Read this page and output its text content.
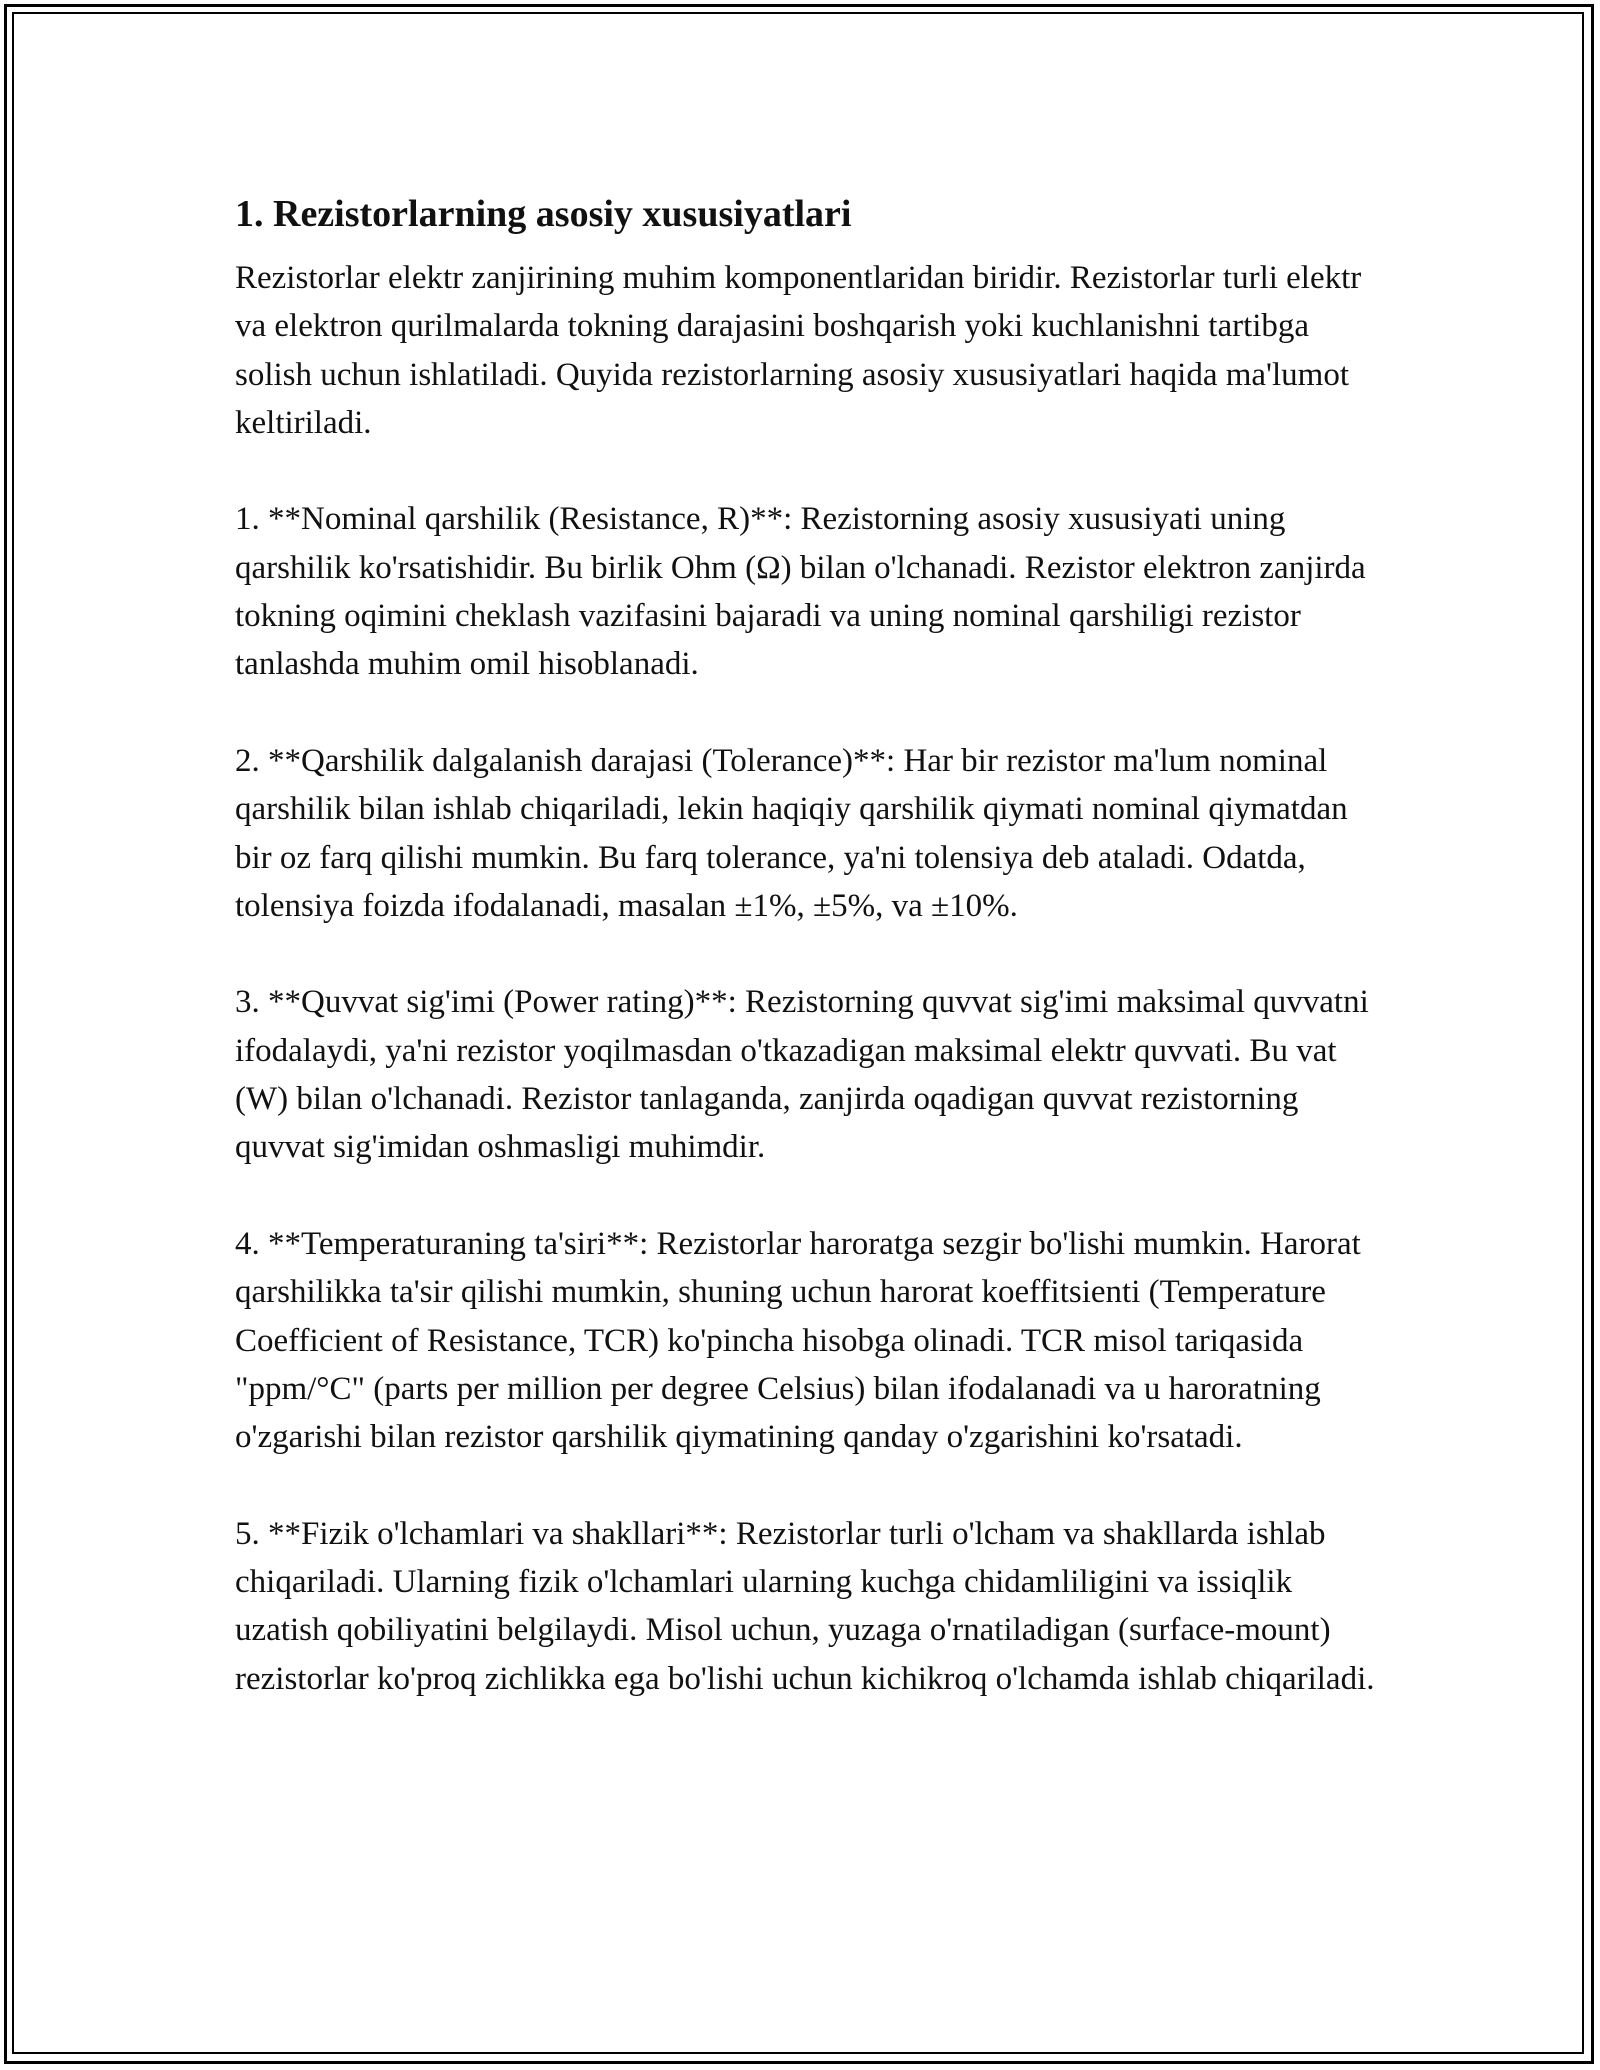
1. Rezistorlarning asosiy xususiyatlari

Rezistorlar elektr zanjirining muhim komponentlaridan biridir. Rezistorlar turli elektr va elektron qurilmalarda tokning darajasini boshqarish yoki kuchlanishni tartibga solish uchun ishlatiladi. Quyida rezistorlarning asosiy xususiyatlari haqida ma'lumot keltiriladi.

1. **Nominal qarshilik (Resistance, R)**: Rezistorning asosiy xususiyati uning qarshilik ko'rsatishidir. Bu birlik Ohm (Ω) bilan o'lchanadi. Rezistor elektron zanjirda tokning oqimini cheklash vazifasini bajaradi va uning nominal qarshiligi rezistor tanlashda muhim omil hisoblanadi.

2. **Qarshilik dalgalanish darajasi (Tolerance)**: Har bir rezistor ma'lum nominal qarshilik bilan ishlab chiqariladi, lekin haqiqiy qarshilik qiymati nominal qiymatdan bir oz farq qilishi mumkin. Bu farq tolerance, ya'ni tolensiya deb ataladi. Odatda, tolensiya foizda ifodalanadi, masalan ±1%, ±5%, va ±10%.

3. **Quvvat sig'imi (Power rating)**: Rezistorning quvvat sig'imi maksimal quvvatni ifodalaydi, ya'ni rezistor yoqilmasdan o'tkazadigan maksimal elektr quvvati. Bu vat (W) bilan o'lchanadi. Rezistor tanlaganda, zanjirda oqadigan quvvat rezistorning quvvat sig'imidan oshmasligi muhimdir.

4. **Temperaturaning ta'siri**: Rezistorlar haroratga sezgir bo'lishi mumkin. Harorat qarshilikka ta'sir qilishi mumkin, shuning uchun harorat koeffitsienti (Temperature Coefficient of Resistance, TCR) ko'pincha hisobga olinadi. TCR misol tariqasida "ppm/°C" (parts per million per degree Celsius) bilan ifodalanadi va u haroratning o'zgarishi bilan rezistor qarshilik qiymatining qanday o'zgarishini ko'rsatadi.

5. **Fizik o'lchamlari va shakllari**: Rezistorlar turli o'lcham va shakllarda ishlab chiqariladi. Ularning fizik o'lchamlari ularning kuchga chidamliligini va issiqlik uzatish qobiliyatini belgilaydi. Misol uchun, yuzaga o'rnatiladigan (surface-mount) rezistorlar ko'proq zichlikka ega bo'lishi uchun kichikroq o'lchamda ishlab chiqariladi.
